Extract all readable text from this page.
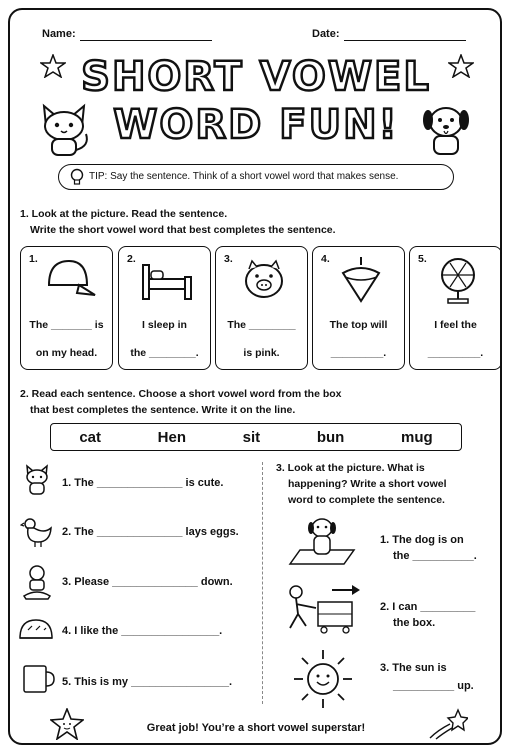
Name:	Date:
SHORT VOWEL
WORD FUN!
TIP: Say the sentence. Think of a short vowel word that makes sense.
1. Look at the picture. Read the sentence.
Write the short vowel word that best completes the sentence.
1.
The _______ is
on my head.
2.
I sleep in
the ________.
3.
The ________
is pink.
4.
The top will
_________.
5.
I feel the
_________.
2. Read each sentence. Choose a short vowel word from the box
that best completes the sentence. Write it on the line.
cat	Hen	sit	bun	mug
1. The ______________ is cute.
2. The ______________ lays eggs.
3. Please ______________ down.
4. I like the ________________.
5. This is my ________________.
3. Look at the picture. What is
happening? Write a short vowel
word to complete the sentence.
1. The dog is on
the __________.
2. I can _________
the box.
3. The sun is
__________ up.
Great job! You’re a short vowel superstar!
